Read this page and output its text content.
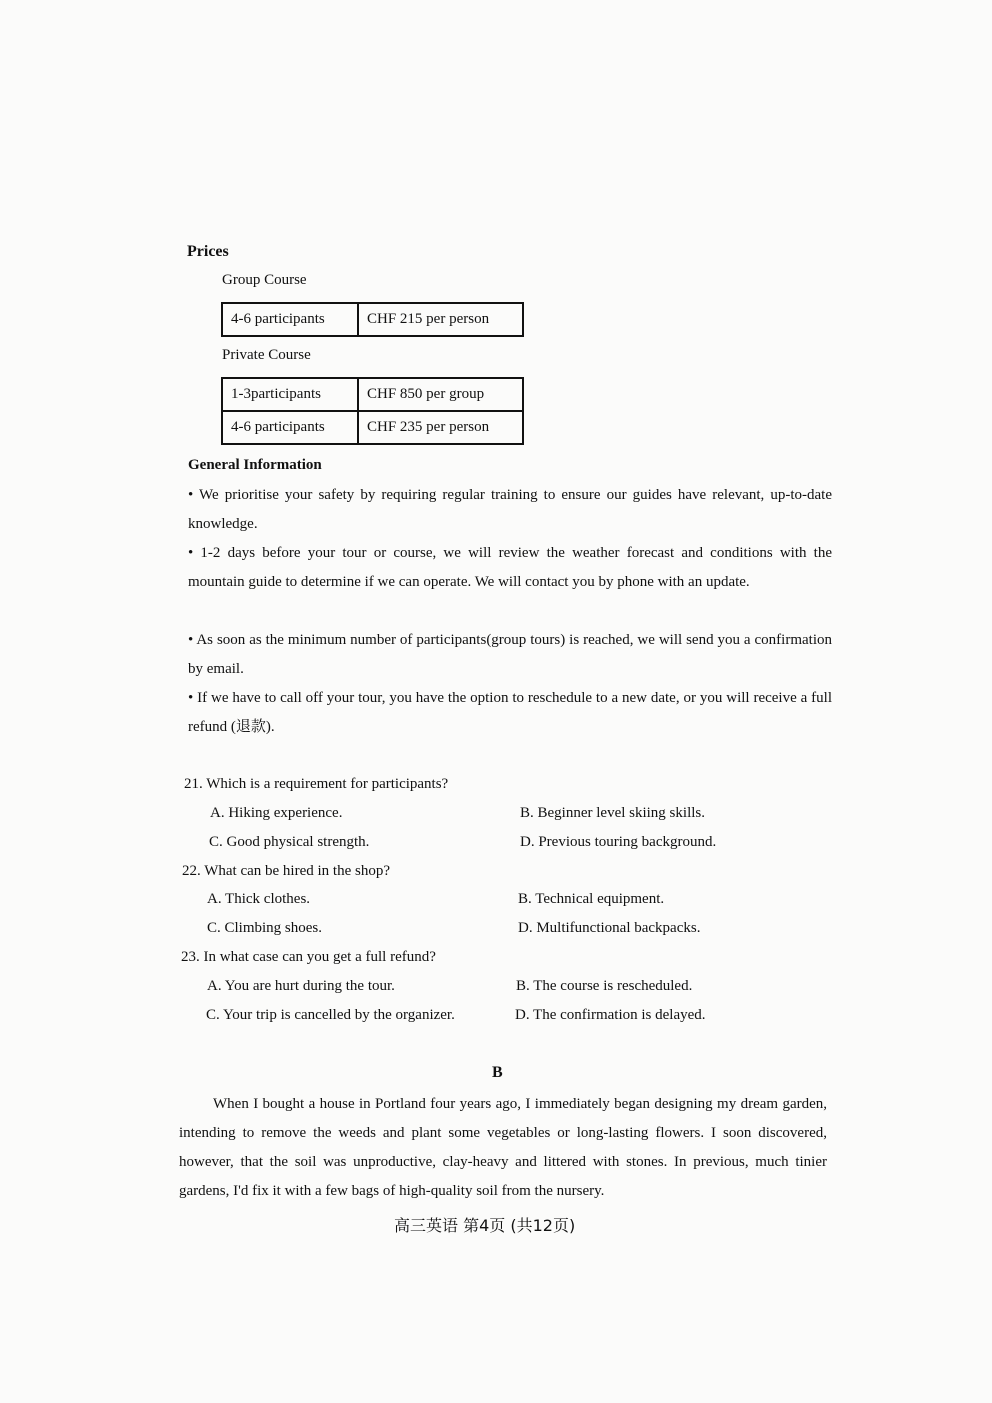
Prices
Group Course
4-6 participants	CHF 215 per person
Private Course
1-3participants	CHF 850 per group
4-6 participants	CHF 235 per person
General Information
• We prioritise your safety by requiring regular training to ensure our guides have relevant, up-to-date knowledge.
• 1-2 days before your tour or course, we will review the weather forecast and conditions with the mountain guide to determine if we can operate. We will contact you by phone with an update.
• As soon as the minimum number of participants(group tours) is reached, we will send you a confirmation by email.
• If we have to call off your tour, you have the option to reschedule to a new date, or you will receive a full refund (退款).
21. Which is a requirement for participants?
A. Hiking experience.	B. Beginner level skiing skills.
C. Good physical strength.	D. Previous touring background.
22. What can be hired in the shop?
A. Thick clothes.	B. Technical equipment.
C. Climbing shoes.	D. Multifunctional backpacks.
23. In what case can you get a full refund?
A. You are hurt during the tour.	B. The course is rescheduled.
C. Your trip is cancelled by the organizer.	D. The confirmation is delayed.
B
When I bought a house in Portland four years ago, I immediately began designing my dream garden, intending to remove the weeds and plant some vegetables or long-lasting flowers. I soon discovered, however, that the soil was unproductive, clay-heavy and littered with stones. In previous, much tinier gardens, I'd fix it with a few bags of high-quality soil from the nursery.
高三英语 第4页 (共12页)
